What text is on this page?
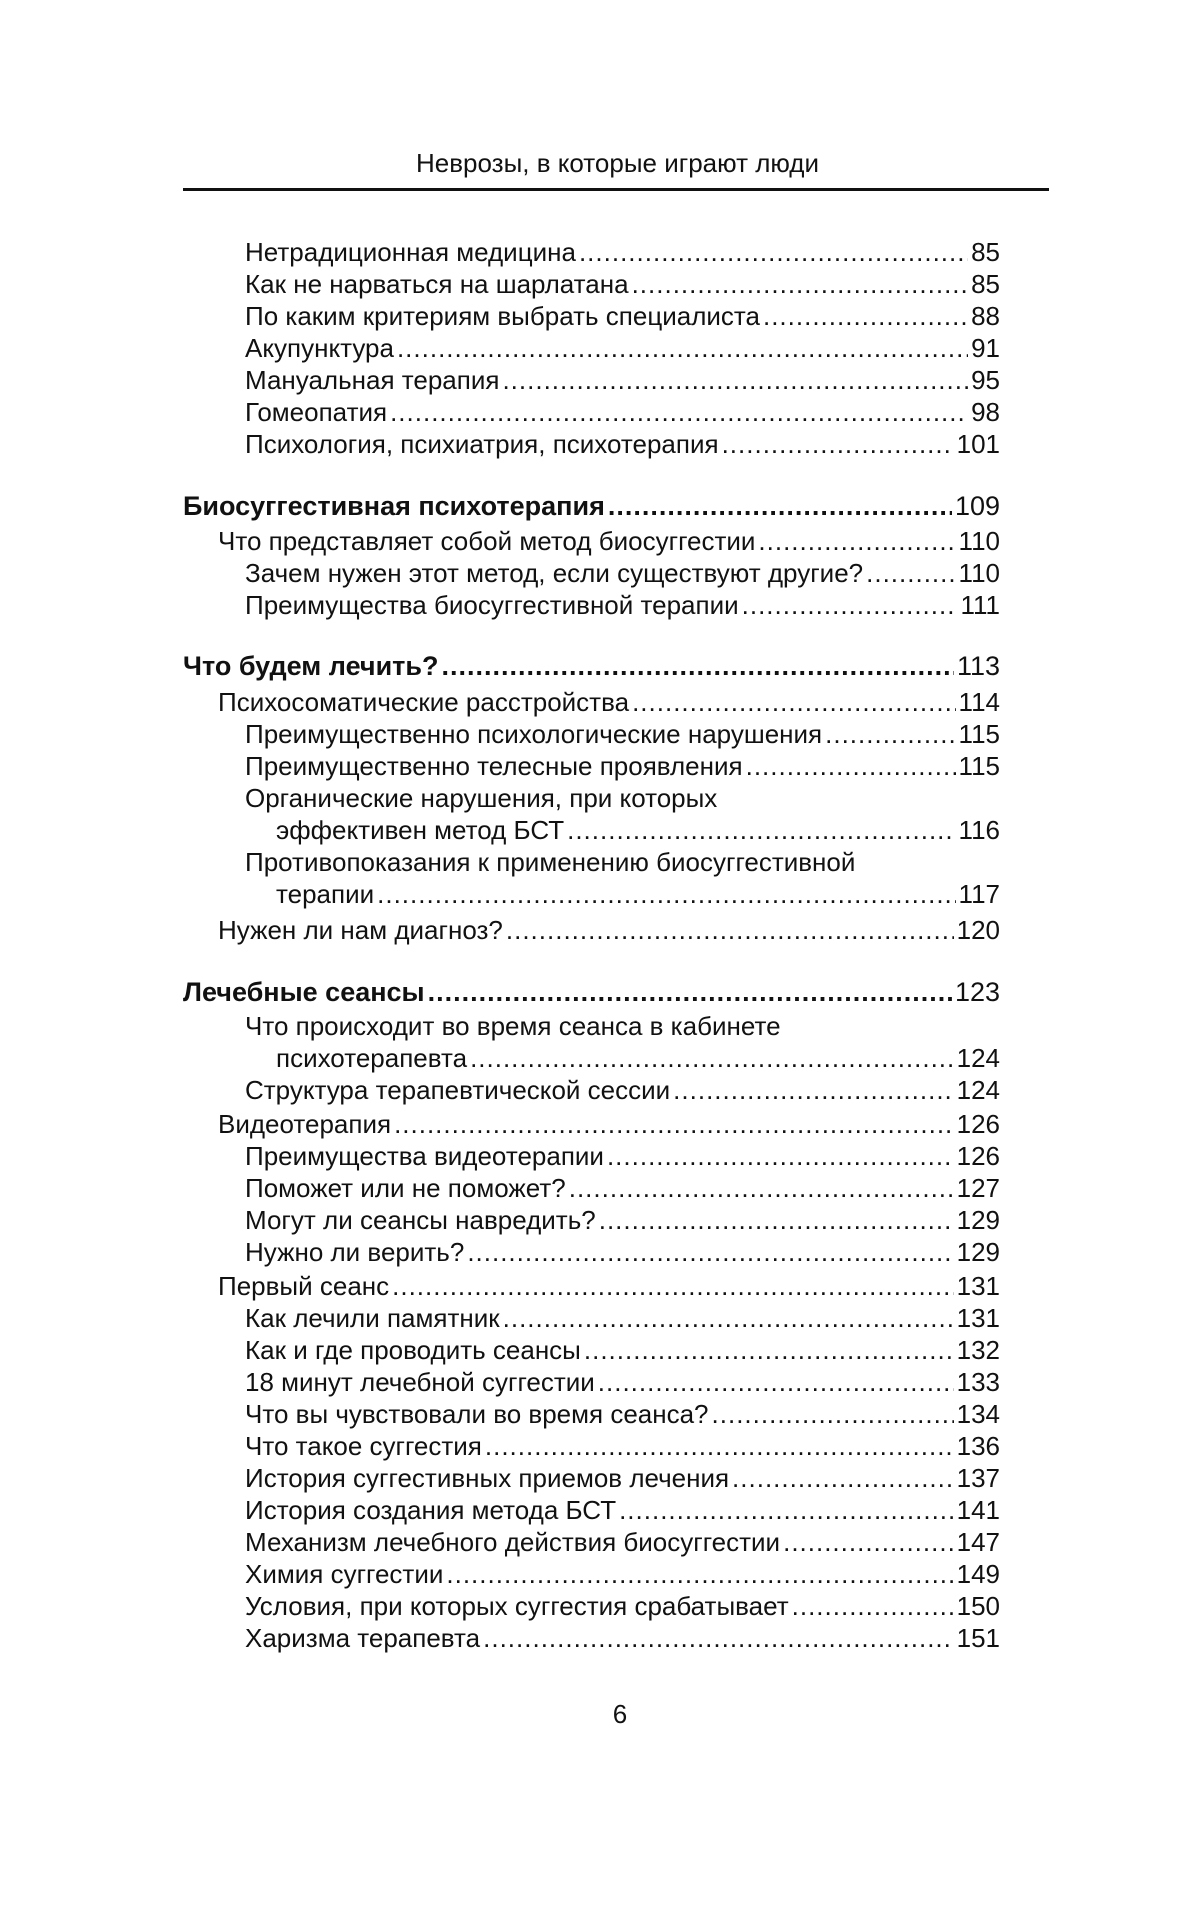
Неврозы, в которые играют люди
Нетрадиционная медицина .....	85
Как не нарваться на шарлатана .....	85
По каким критериям выбрать специалиста .....	88
Акупунктура .....	91
Мануальная терапия .....	95
Гомеопатия .....	98
Психология, психиатрия, психотерапия .....	101
Биосуггестивная психотерапия .....	109
Что представляет собой метод биосуггестии .....	110
Зачем нужен этот метод, если существуют другие? .....	110
Преимущества биосуггестивной терапии .....	111
Что будем лечить? .....	113
Психосоматические расстройства .....	114
Преимущественно психологические нарушения .....	115
Преимущественно телесные проявления .....	115
Органические нарушения, при которых
эффективен метод БСТ .....	116
Противопоказания к применению биосуггестивной
терапии .....	117
Нужен ли нам диагноз? .....	120
Лечебные сеансы .....	123
Что происходит во время сеанса в кабинете
психотерапевта .....	124
Структура терапевтической сессии .....	124
Видеотерапия .....	126
Преимущества видеотерапии .....	126
Поможет или не поможет? .....	127
Могут ли сеансы навредить? .....	129
Нужно ли верить? .....	129
Первый сеанс .....	131
Как лечили памятник .....	131
Как и где проводить сеансы .....	132
18 минут лечебной суггестии .....	133
Что вы чувствовали во время сеанса? .....	134
Что такое суггестия .....	136
История суггестивных приемов лечения .....	137
История создания метода БСТ .....	141
Механизм лечебного действия биосуггестии .....	147
Химия суггестии .....	149
Условия, при которых суггестия срабатывает .....	150
Харизма терапевта .....	151
6
